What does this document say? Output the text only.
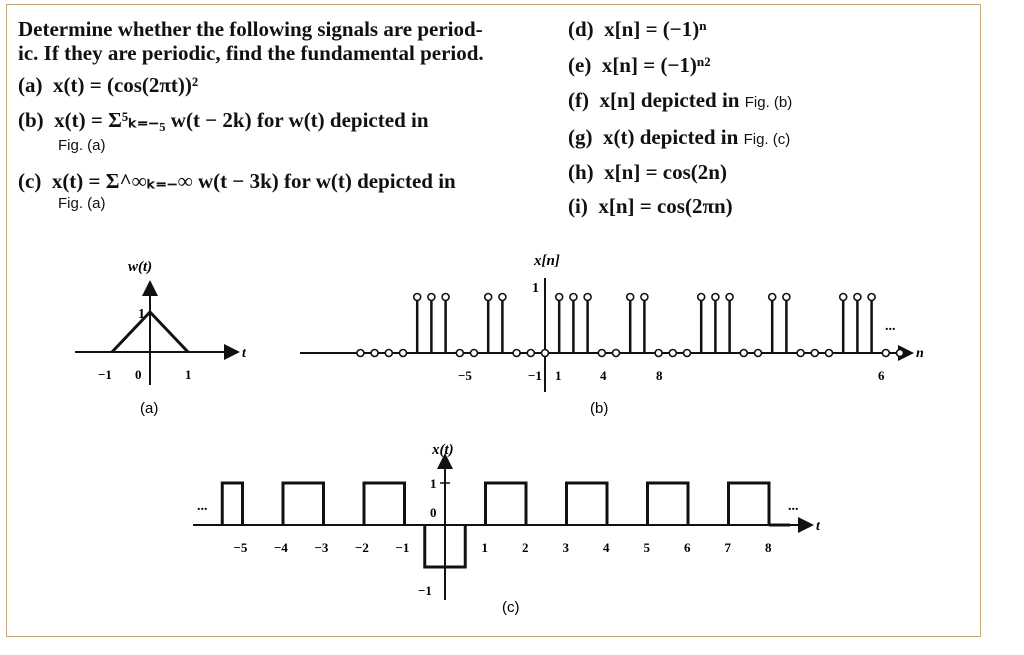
Determine whether the following signals are period-
ic. If they are periodic, find the fundamental period.
(a) x(t) = (cos(2πt))²
(b) x(t) = Σ⁵ₖ₌₋₅ w(t − 2k) for w(t) depicted in
Fig. (a)
(c) x(t) = Σ^∞ₖ₌₋∞ w(t − 3k) for w(t) depicted in
Fig. (a)
(d) x[n] = (−1)ⁿ
(e) x[n] = (−1)ⁿ²
(f) x[n] depicted in Fig. (b)
(g) x(t) depicted in Fig. (c)
(h) x[n] = cos(2n)
(i) x[n] = cos(2πn)
w(t)
t
1
−1 0	1
(a)
x[n]
n
1
...
−5	−1 1	4	8	6
(b)
x(t)
t
1
0
−1
...	...
−5 −4 −3 −2 −1	1	2	3	4	5	6	7	8
(c)
